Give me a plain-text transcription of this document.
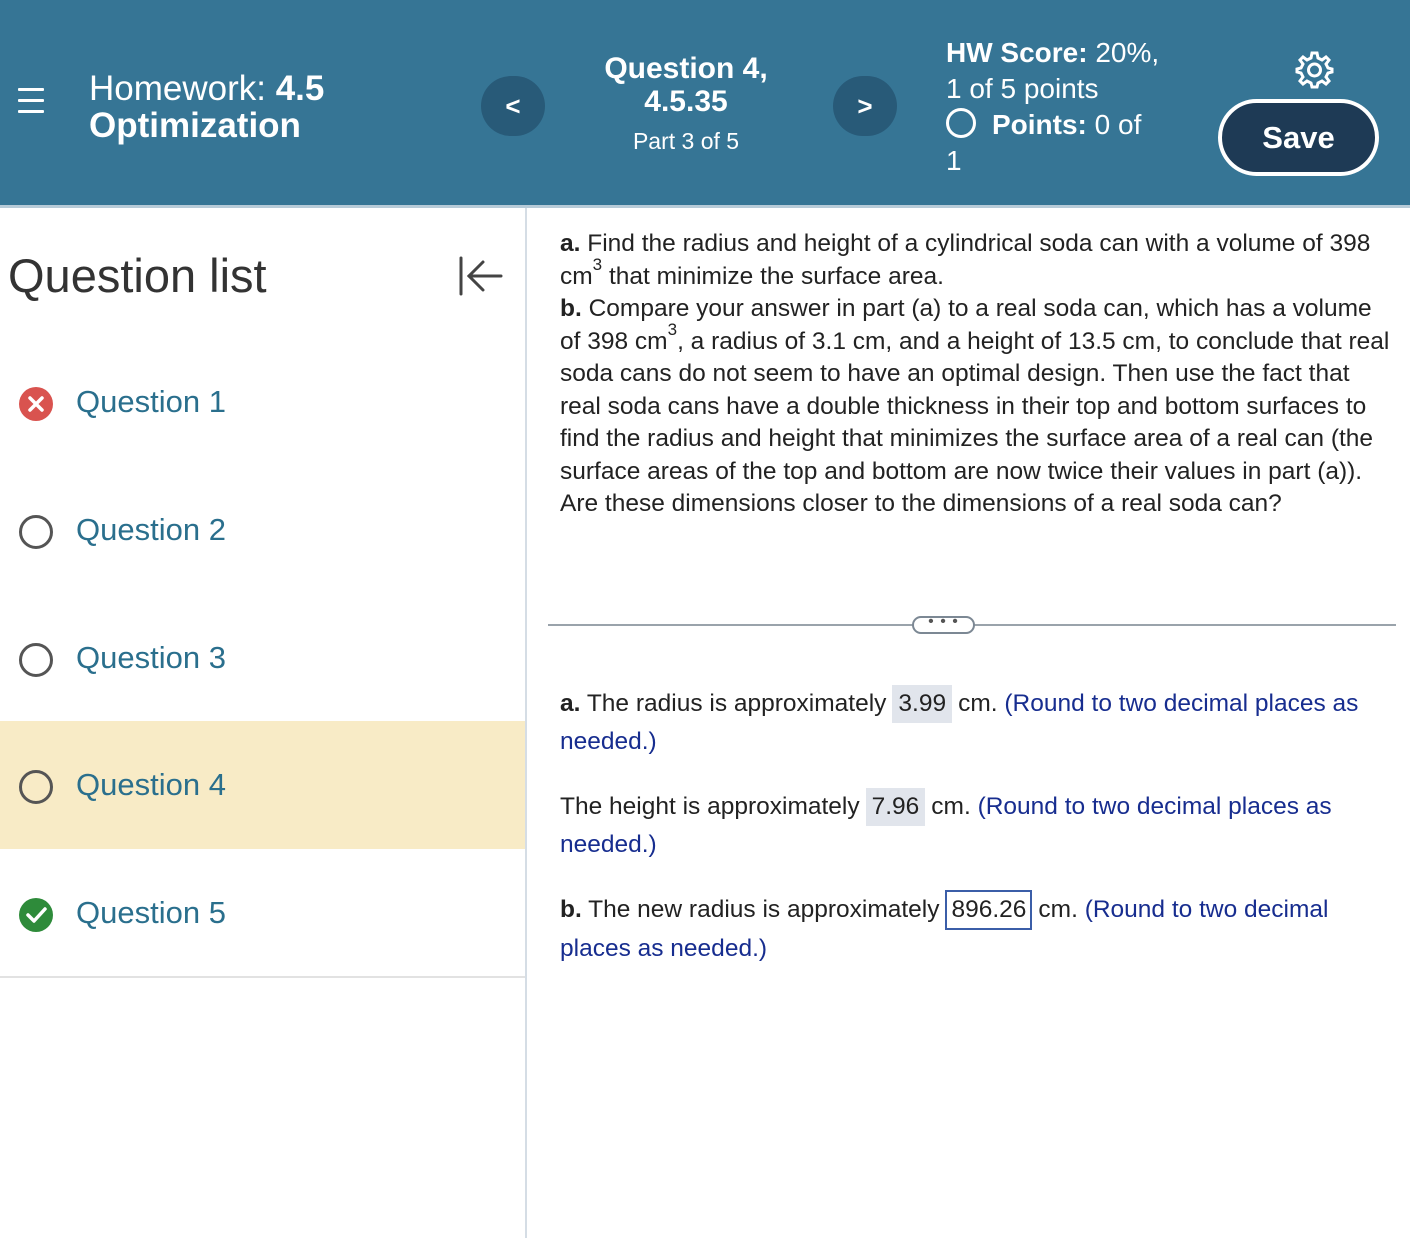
Homework: 4.5
Optimization
<
Question 4,
4.5.35
Part 3 of 5
>
HW Score: 20%,
1 of 5 points
Points: 0 of
1
Save
Question list
Question 1
Question 2
Question 3
Question 4
Question 5
a. Find the radius and height of a cylindrical soda can with a volume of 398 $cm^3$ that minimize the surface area.
b. Compare your answer in part (a) to a real soda can, which has a volume of 398 $cm^3$, a radius of 3.1 cm, and a height of 13.5 cm, to conclude that real soda cans do not seem to have an optimal design. Then use the fact that real soda cans have a double thickness in their top and bottom surfaces to find the radius and height that minimizes the surface area of a real can (the surface areas of the top and bottom are now twice their values in part (a)). Are these dimensions closer to the dimensions of a real soda can?
• • •
a. The radius is approximately 3.99 cm. (Round to two decimal places as needed.)
The height is approximately 7.96 cm. (Round to two decimal places as needed.)
b. The new radius is approximately 896.26 cm. (Round to two decimal places as needed.)
